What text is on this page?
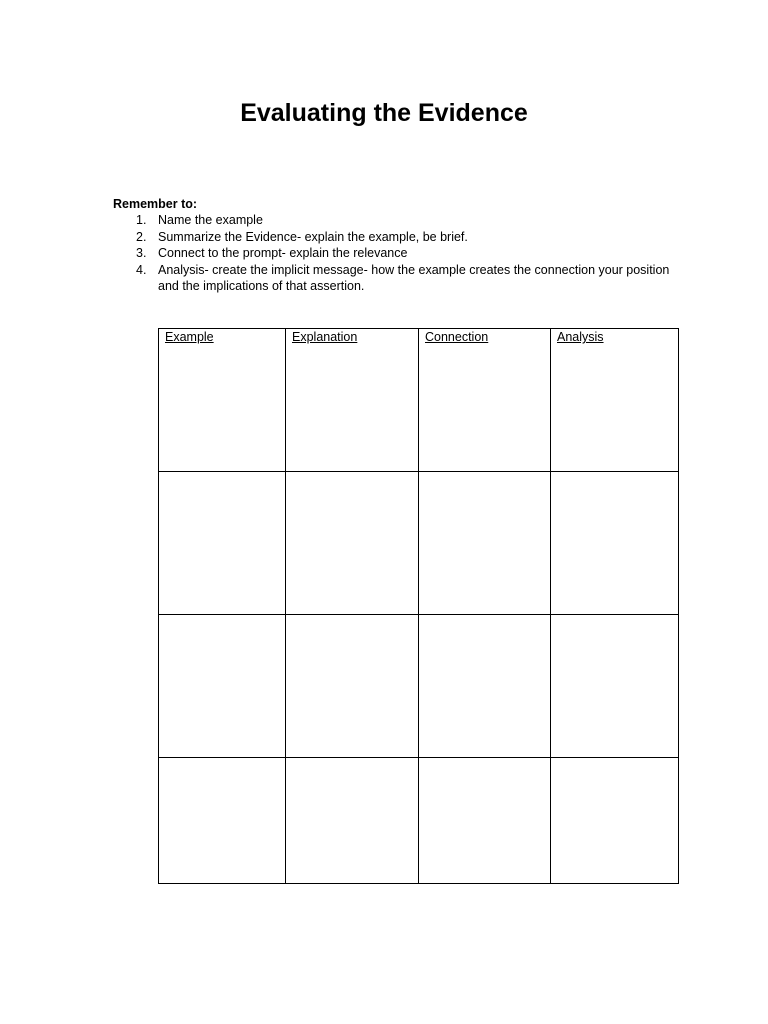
Evaluating the Evidence

Remember to:

1. Name the example
2. Summarize the Evidence- explain the example, be brief.
3. Connect to the prompt- explain the relevance
4. Analysis- create the implicit message- how the example creates the connection your position and the implications of that assertion.
Example	Explanation	Connection	Analysis
